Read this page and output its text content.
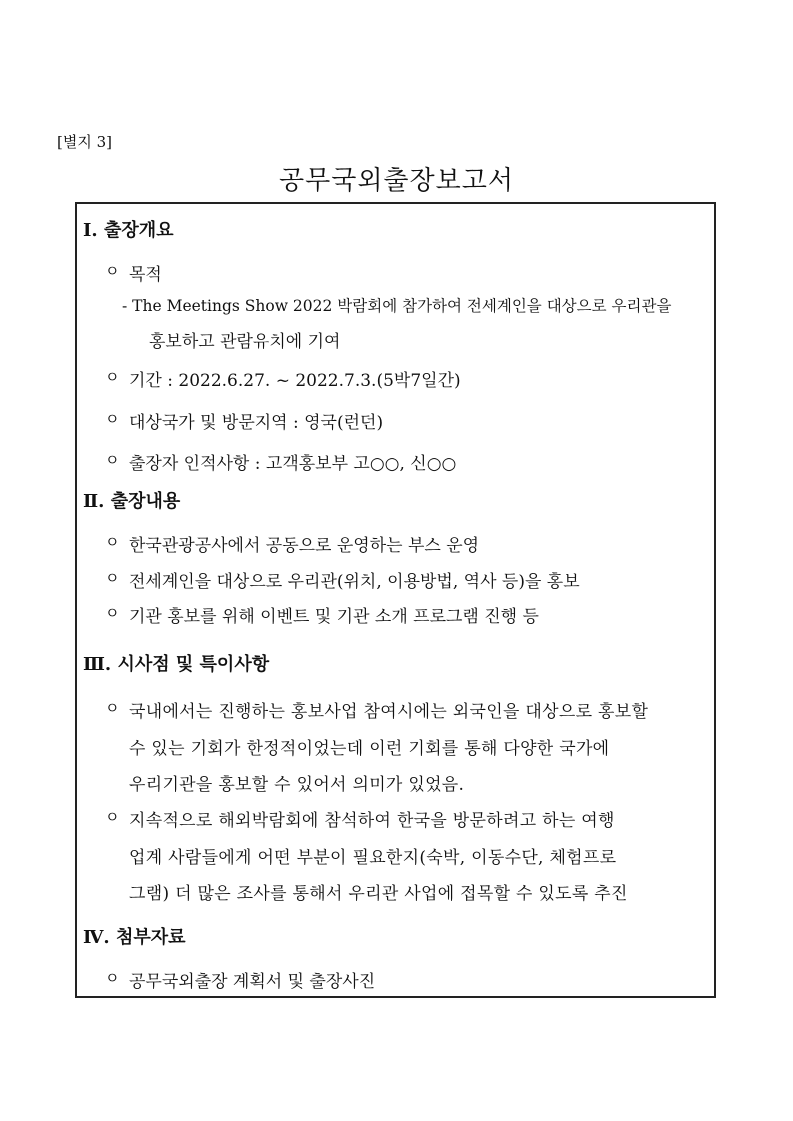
[별지 3]
공무국외출장보고서
Ⅰ. 출장개요
ㅇ 목적
- The Meetings Show 2022 박람회에 참가하여 전세계인을 대상으로 우리관을
홍보하고 관람유치에 기여
ㅇ 기간 : 2022.6.27. ~ 2022.7.3.(5박7일간)
ㅇ 대상국가 및 방문지역 : 영국(런던)
ㅇ 출장자 인적사항 : 고객홍보부 고○○, 신○○
Ⅱ. 출장내용
ㅇ 한국관광공사에서 공동으로 운영하는 부스 운영
ㅇ 전세계인을 대상으로 우리관(위치, 이용방법, 역사 등)을 홍보
ㅇ 기관 홍보를 위해 이벤트 및 기관 소개 프로그램 진행 등
Ⅲ. 시사점 및 특이사항
ㅇ 국내에서는 진행하는 홍보사업 참여시에는 외국인을 대상으로 홍보할
수 있는 기회가 한정적이었는데 이런 기회를 통해 다양한 국가에
우리기관을 홍보할 수 있어서 의미가 있었음.
ㅇ 지속적으로 해외박람회에 참석하여 한국을 방문하려고 하는 여행
업계 사람들에게 어떤 부분이 필요한지(숙박, 이동수단, 체험프로
그램) 더 많은 조사를 통해서 우리관 사업에 접목할 수 있도록 추진
Ⅳ. 첨부자료
ㅇ 공무국외출장 계획서 및 출장사진
